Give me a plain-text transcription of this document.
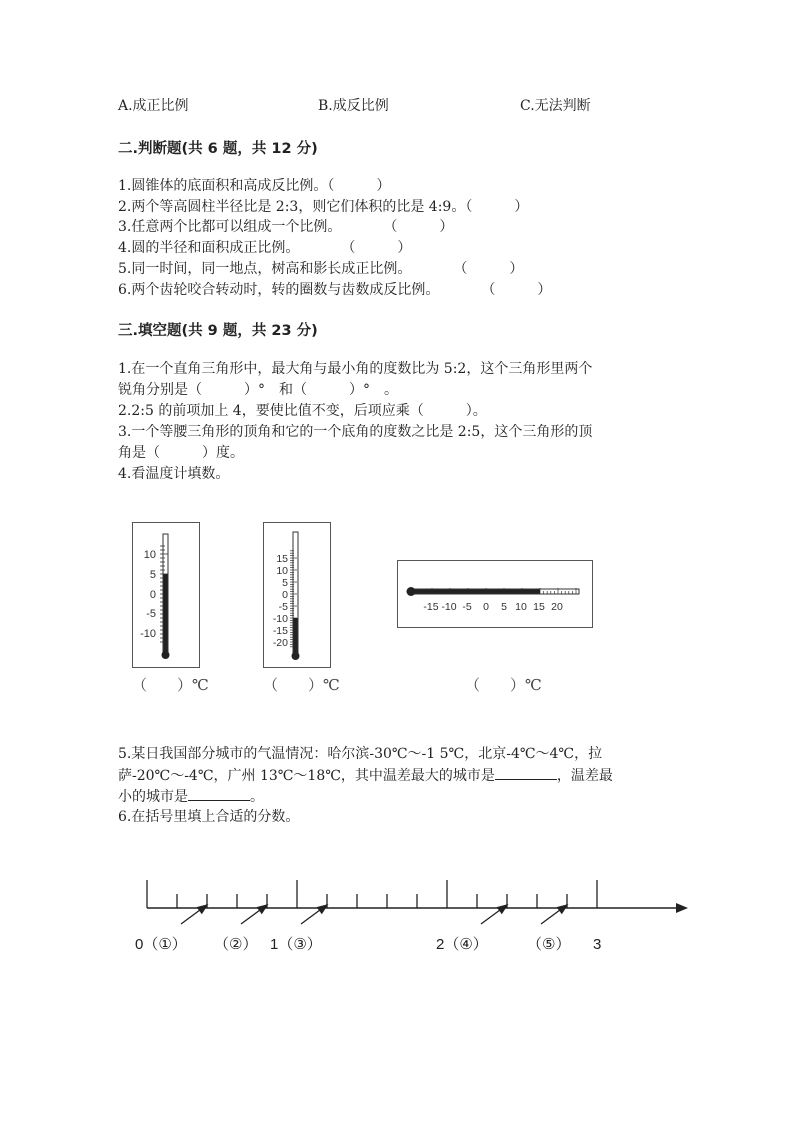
A.成正比例	B.成反比例	C.无法判断
二.判断题(共 6 题，共 12 分)
1.圆锥体的底面积和高成反比例。（　　　）
2.两个等高圆柱半径比是 2:3，则它们体积的比是 4:9。（　　　）
3.任意两个比都可以组成一个比例。　　　　（　　　）
4.圆的半径和面积成正比例。　　　　（　　　）
5.同一时间，同一地点，树高和影长成正比例。　　　　（　　　）
6.两个齿轮咬合转动时，转的圈数与齿数成反比例。　　　　（　　　）
三.填空题(共 9 题，共 23 分)
1.在一个直角三角形中，最大角与最小角的度数比为 5:2，这个三角形里两个
锐角分别是（　　　）°　和（　　　）°　。
2.2:5 的前项加上 4，要使比值不变，后项应乘（　　　）。
3.一个等腰三角形的顶角和它的一个底角的度数之比是 2:5，这个三角形的顶
角是（　　　）度。
4.看温度计填数。
10
5
0
-5
-10
15
10
5
0
-5
-10
-15
-20
-15 -10 -5 0 5 10 15 20
（　　）℃	（　　）℃	（　　）℃
5.某日我国部分城市的气温情况：哈尔滨-30℃～-1 5℃，北京-4℃～4℃，拉
萨-20℃～-4℃，广州 13℃～18℃，其中温差最大的城市是	，温差最
小的城市是	。
6.在括号里填上合适的分数。
0（①） （②） 1（③）	2（④）	（⑤） 3
